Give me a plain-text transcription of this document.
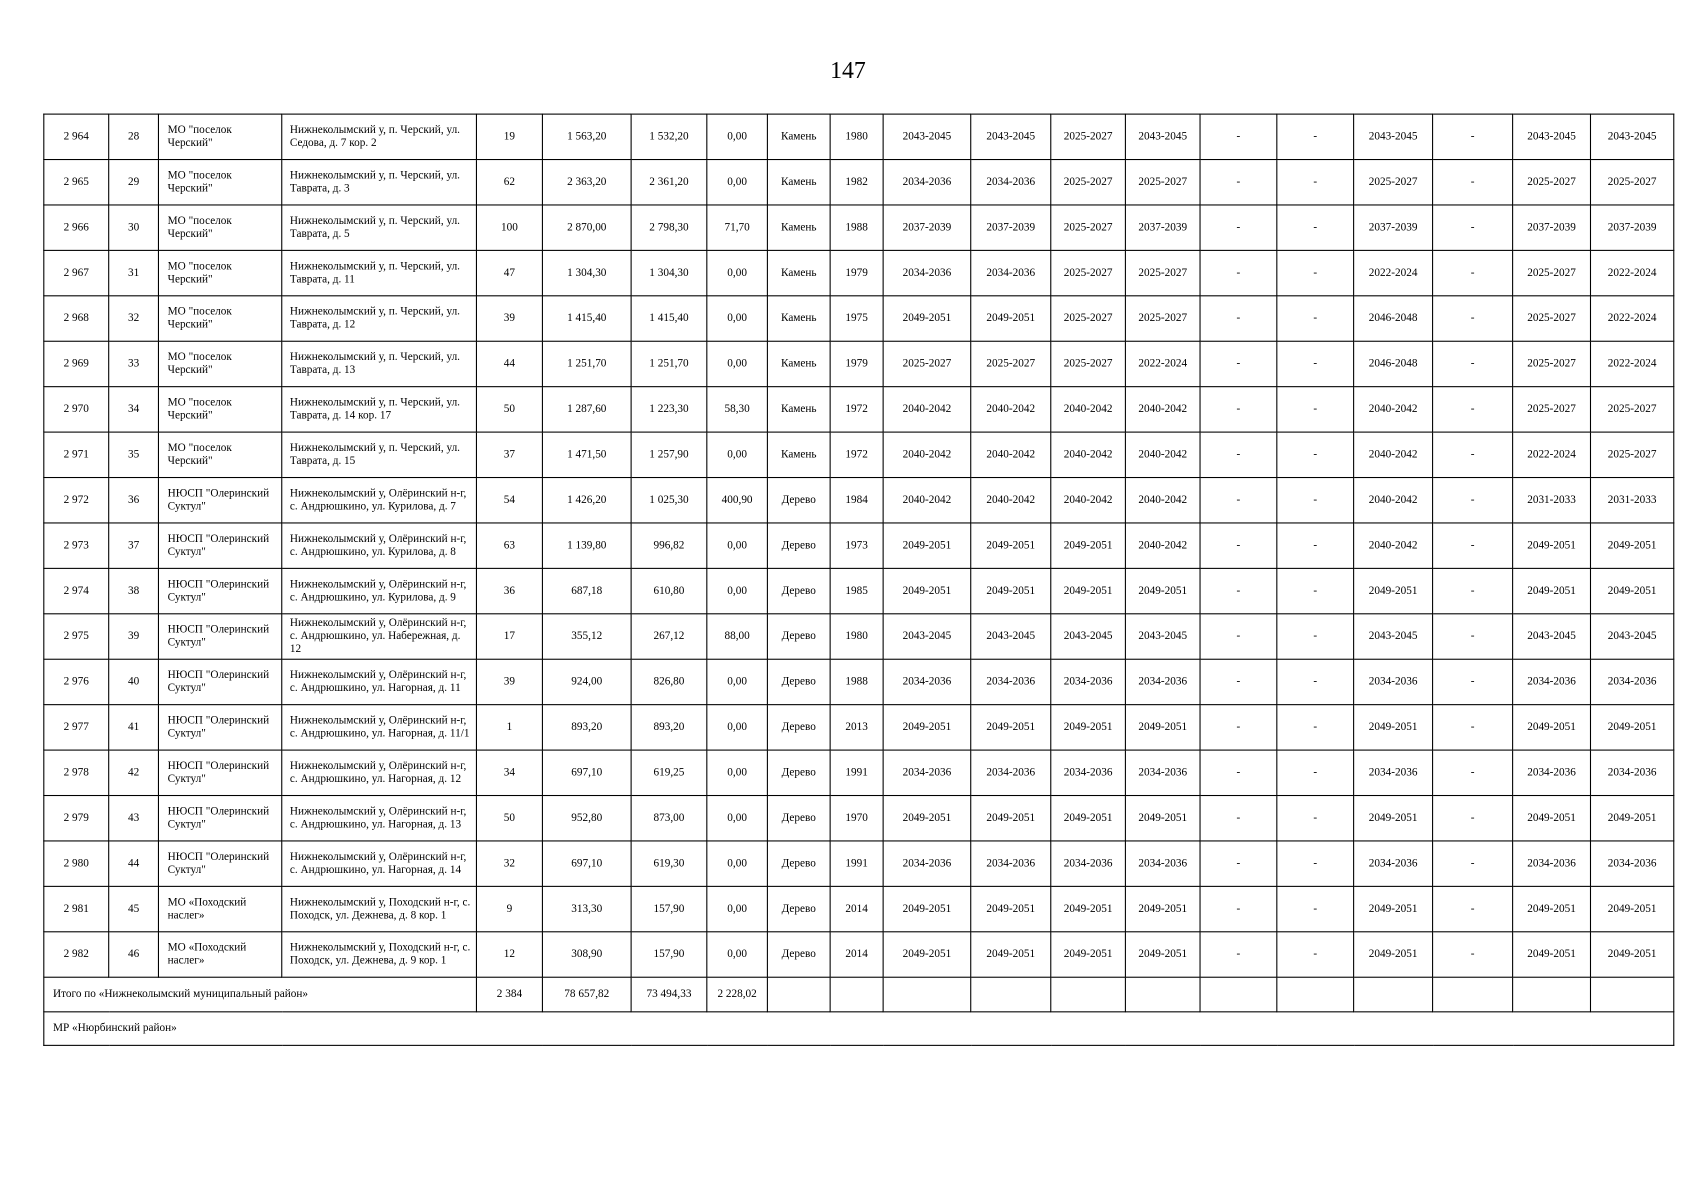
147
2 964	28	МО "поселок Черский"	Нижнеколымский у, п. Черский, ул. Седова, д. 7 кор. 2	19	1 563,20	1 532,20	0,00	Камень	1980	2043-2045	2043-2045	2025-2027	2043-2045	-	-	2043-2045	-	2043-2045	2043-2045
2 965	29	МО "поселок Черский"	Нижнеколымский у, п. Черский, ул. Таврата, д. 3	62	2 363,20	2 361,20	0,00	Камень	1982	2034-2036	2034-2036	2025-2027	2025-2027	-	-	2025-2027	-	2025-2027	2025-2027
2 966	30	МО "поселок Черский"	Нижнеколымский у, п. Черский, ул. Таврата, д. 5	100	2 870,00	2 798,30	71,70	Камень	1988	2037-2039	2037-2039	2025-2027	2037-2039	-	-	2037-2039	-	2037-2039	2037-2039
2 967	31	МО "поселок Черский"	Нижнеколымский у, п. Черский, ул. Таврата, д. 11	47	1 304,30	1 304,30	0,00	Камень	1979	2034-2036	2034-2036	2025-2027	2025-2027	-	-	2022-2024	-	2025-2027	2022-2024
2 968	32	МО "поселок Черский"	Нижнеколымский у, п. Черский, ул. Таврата, д. 12	39	1 415,40	1 415,40	0,00	Камень	1975	2049-2051	2049-2051	2025-2027	2025-2027	-	-	2046-2048	-	2025-2027	2022-2024
2 969	33	МО "поселок Черский"	Нижнеколымский у, п. Черский, ул. Таврата, д. 13	44	1 251,70	1 251,70	0,00	Камень	1979	2025-2027	2025-2027	2025-2027	2022-2024	-	-	2046-2048	-	2025-2027	2022-2024
2 970	34	МО "поселок Черский"	Нижнеколымский у, п. Черский, ул. Таврата, д. 14 кор. 17	50	1 287,60	1 223,30	58,30	Камень	1972	2040-2042	2040-2042	2040-2042	2040-2042	-	-	2040-2042	-	2025-2027	2025-2027
2 971	35	МО "поселок Черский"	Нижнеколымский у, п. Черский, ул. Таврата, д. 15	37	1 471,50	1 257,90	0,00	Камень	1972	2040-2042	2040-2042	2040-2042	2040-2042	-	-	2040-2042	-	2022-2024	2025-2027
2 972	36	НЮСП "Олеринский Суктул"	Нижнеколымский у, Олёринский н-г, с. Андрюшкино, ул. Курилова, д. 7	54	1 426,20	1 025,30	400,90	Дерево	1984	2040-2042	2040-2042	2040-2042	2040-2042	-	-	2040-2042	-	2031-2033	2031-2033
2 973	37	НЮСП "Олеринский Суктул"	Нижнеколымский у, Олёринский н-г, с. Андрюшкино, ул. Курилова, д. 8	63	1 139,80	996,82	0,00	Дерево	1973	2049-2051	2049-2051	2049-2051	2040-2042	-	-	2040-2042	-	2049-2051	2049-2051
2 974	38	НЮСП "Олеринский Суктул"	Нижнеколымский у, Олёринский н-г, с. Андрюшкино, ул. Курилова, д. 9	36	687,18	610,80	0,00	Дерево	1985	2049-2051	2049-2051	2049-2051	2049-2051	-	-	2049-2051	-	2049-2051	2049-2051
2 975	39	НЮСП "Олеринский Суктул"	Нижнеколымский у, Олёринский н-г, с. Андрюшкино, ул. Набережная, д. 12	17	355,12	267,12	88,00	Дерево	1980	2043-2045	2043-2045	2043-2045	2043-2045	-	-	2043-2045	-	2043-2045	2043-2045
2 976	40	НЮСП "Олеринский Суктул"	Нижнеколымский у, Олёринский н-г, с. Андрюшкино, ул. Нагорная, д. 11	39	924,00	826,80	0,00	Дерево	1988	2034-2036	2034-2036	2034-2036	2034-2036	-	-	2034-2036	-	2034-2036	2034-2036
2 977	41	НЮСП "Олеринский Суктул"	Нижнеколымский у, Олёринский н-г, с. Андрюшкино, ул. Нагорная, д. 11/1	1	893,20	893,20	0,00	Дерево	2013	2049-2051	2049-2051	2049-2051	2049-2051	-	-	2049-2051	-	2049-2051	2049-2051
2 978	42	НЮСП "Олеринский Суктул"	Нижнеколымский у, Олёринский н-г, с. Андрюшкино, ул. Нагорная, д. 12	34	697,10	619,25	0,00	Дерево	1991	2034-2036	2034-2036	2034-2036	2034-2036	-	-	2034-2036	-	2034-2036	2034-2036
2 979	43	НЮСП "Олеринский Суктул"	Нижнеколымский у, Олёринский н-г, с. Андрюшкино, ул. Нагорная, д. 13	50	952,80	873,00	0,00	Дерево	1970	2049-2051	2049-2051	2049-2051	2049-2051	-	-	2049-2051	-	2049-2051	2049-2051
2 980	44	НЮСП "Олеринский Суктул"	Нижнеколымский у, Олёринский н-г, с. Андрюшкино, ул. Нагорная, д. 14	32	697,10	619,30	0,00	Дерево	1991	2034-2036	2034-2036	2034-2036	2034-2036	-	-	2034-2036	-	2034-2036	2034-2036
2 981	45	МО «Походский наслег»	Нижнеколымский у, Походский н-г, с. Походск, ул. Дежнева, д. 8 кор. 1	9	313,30	157,90	0,00	Дерево	2014	2049-2051	2049-2051	2049-2051	2049-2051	-	-	2049-2051	-	2049-2051	2049-2051
2 982	46	МО «Походский наслег»	Нижнеколымский у, Походский н-г, с. Походск, ул. Дежнева, д. 9 кор. 1	12	308,90	157,90	0,00	Дерево	2014	2049-2051	2049-2051	2049-2051	2049-2051	-	-	2049-2051	-	2049-2051	2049-2051
Итого по «Нижнеколымский муниципальный район»				2 384	78 657,82	73 494,33	2 228,02												
МР «Нюрбинский район»																			
